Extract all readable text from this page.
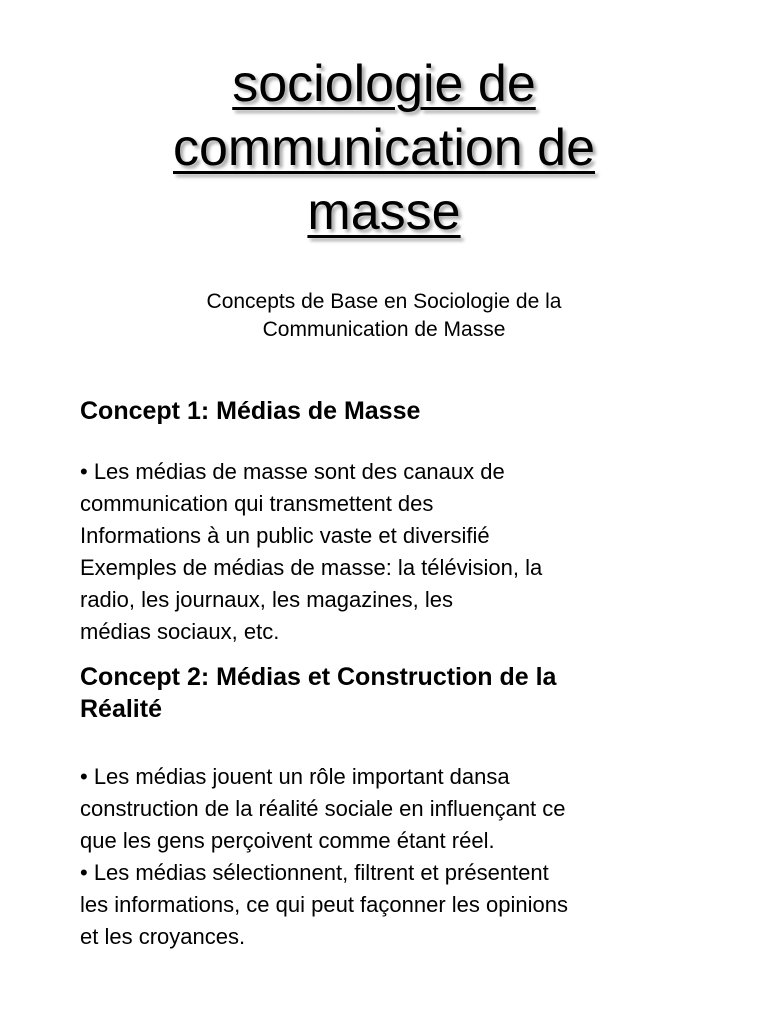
sociologie de
communication de
masse
Concepts de Base en Sociologie de la
Communication de Masse
Concept 1: Médias de Masse
• Les médias de masse sont des canaux de
communication qui transmettent des
Informations à un public vaste et diversifié
Exemples de médias de masse: la télévision, la
radio, les journaux, les magazines, les
médias sociaux, etc.
Concept 2: Médias et Construction de la
Réalité
• Les médias jouent un rôle important dansa
construction de la réalité sociale en influençant ce
que les gens perçoivent comme étant réel.
• Les médias sélectionnent, filtrent et présentent
les informations, ce qui peut façonner les opinions
et les croyances.
